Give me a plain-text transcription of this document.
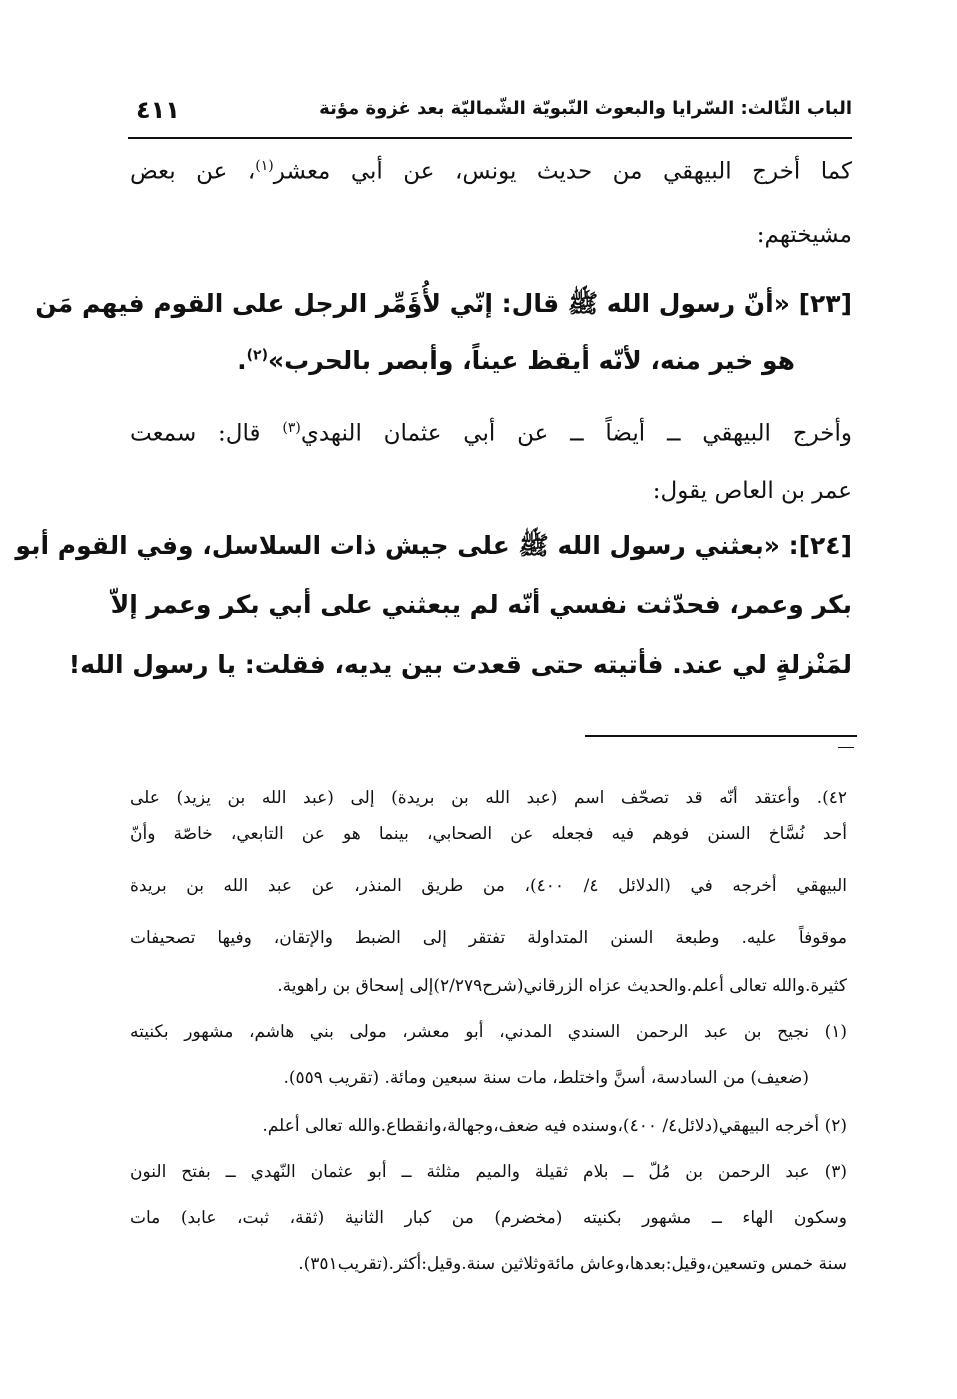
الباب الثّالث: السّرايا والبعوث النّبويّة الشّماليّة بعد غزوة مؤتة
٤١١
كما أخرج البيهقي من حديث يونس، عن أبي معشر$^{(١)}$، عن بعض
مشيختهم:
[٢٣] «أنّ رسول الله ﷺ قال: إنّي لأُؤَمِّر الرجل على القوم فيهم مَن
هو خير منه، لأنّه أيقظ عيناً، وأبصر بالحرب»$^{(٢)}$.
وأخرج البيهقي ــ أيضاً ــ عن أبي عثمان النهدي$^{(٣)}$ قال: سمعت
عمر بن العاص يقول:
[٢٤]: «بعثني رسول الله ﷺ على جيش ذات السلاسل، وفي القوم أبو
بكر وعمر، فحدّثت نفسي أنّه لم يبعثني على أبي بكر وعمر إلاّ
لمَنْزلةٍ لي عند. فأتيته حتى قعدت بين يديه، فقلت: يا رسول الله!
٤٢). وأعتقد أنّه قد تصحّف اسم (عبد الله بن بريدة) إلى (عبد الله بن يزيد) على
أحد نُسَّاخ السنن فوهم فيه فجعله عن الصحابي، بينما هو عن التابعي، خاصّة وأنّ
البيهقي أخرجه في (الدلائل ٤/ ٤٠٠)، من طريق المنذر، عن عبد الله بن بريدة
موقوفاً عليه. وطبعة السنن المتداولة تفتقر إلى الضبط والإتقان، وفيها تصحيفات
كثيرة.والله تعالى أعلم.والحديث عزاه الزرقاني(شرح٢/٢٧٩)إلى إسحاق بن راهوية.
(١) نجيح بن عبد الرحمن السندي المدني، أبو معشر، مولى بني هاشم، مشهور بكنيته
(ضعيف) من السادسة، أسنَّ واختلط، مات سنة سبعين ومائة. (تقريب ٥٥٩).
(٢) أخرجه البيهقي(دلائل٤/ ٤٠٠)،وسنده فيه ضعف،وجهالة،وانقطاع.والله تعالى أعلم.
(٣) عبد الرحمن بن مُلّ ــ بلام ثقيلة والميم مثلثة ــ أبو عثمان النّهدي ــ بفتح النون
وسكون الهاء ــ مشهور بكنيته (مخضرم) من كبار الثانية (ثقة، ثبت، عابد) مات
سنة خمس وتسعين،وقيل:بعدها،وعاش مائةوثلاثين سنة.وقيل:أكثر.(تقريب٣٥١).
